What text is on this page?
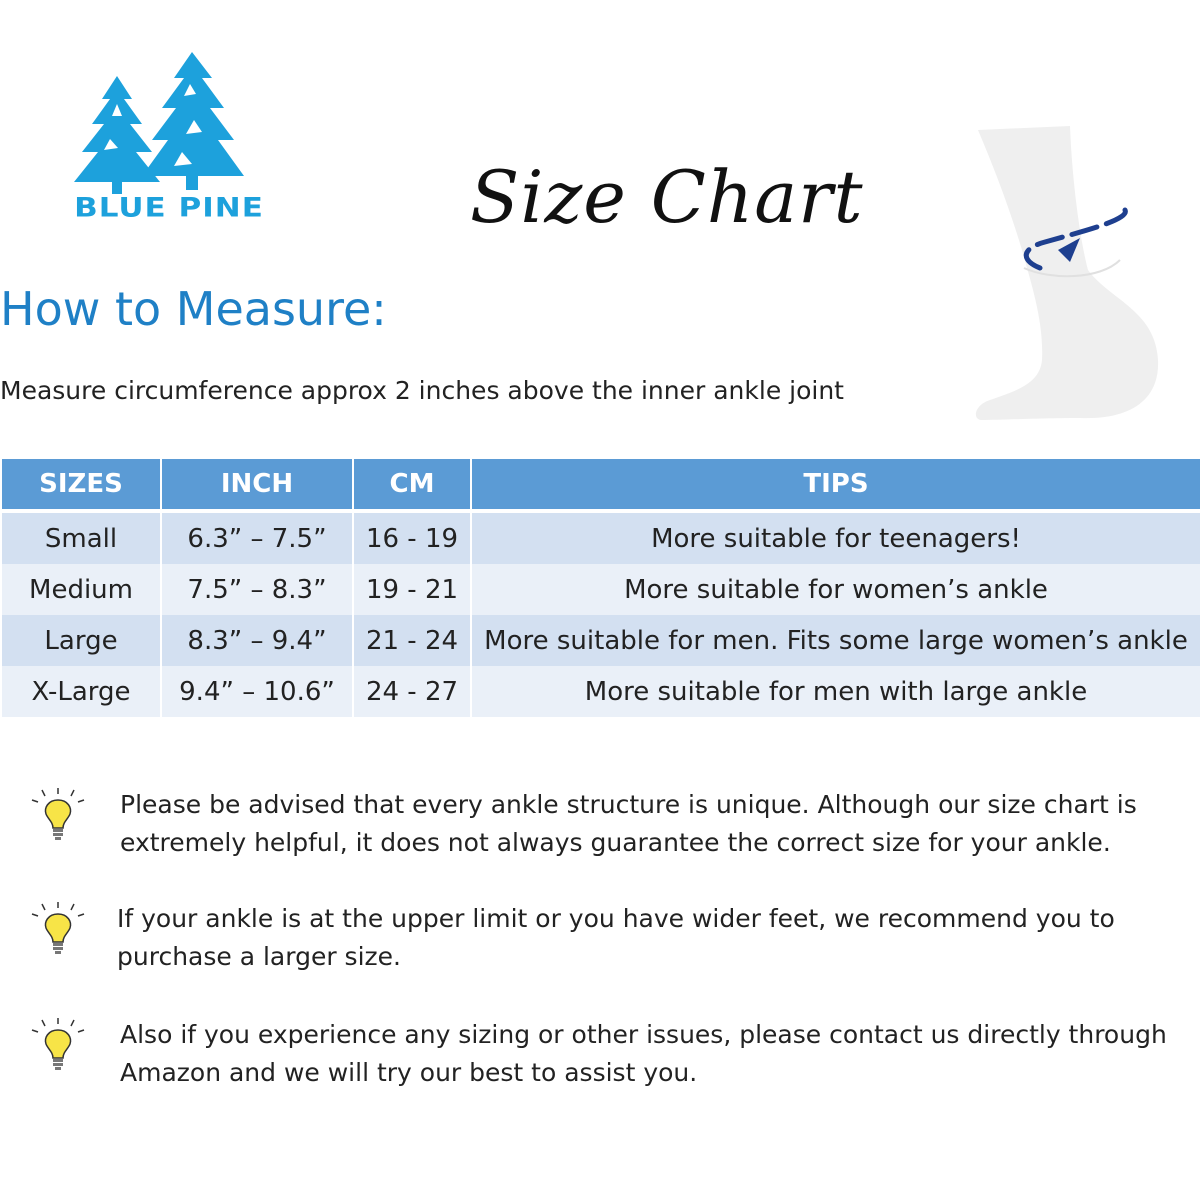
BLUE PINE	Size Chart
How to Measure:
Measure circumference approx 2 inches above the inner ankle joint
SIZES	INCH	CM	TIPS
Small	6.3” – 7.5”	16 - 19	More suitable for teenagers!
Medium	7.5” – 8.3”	19 - 21	More suitable for women’s ankle
Large	8.3” – 9.4”	21 - 24	More suitable for men. Fits some large women’s ankle
X-Large	9.4” – 10.6”	24 - 27	More suitable for men with large ankle
Please be advised that every ankle structure is unique. Although our size chart is
extremely helpful, it does not always guarantee the correct size for your ankle.
If your ankle is at the upper limit or you have wider feet, we recommend you to
purchase a larger size.
Also if you experience any sizing or other issues, please contact us directly through
Amazon and we will try our best to assist you.
